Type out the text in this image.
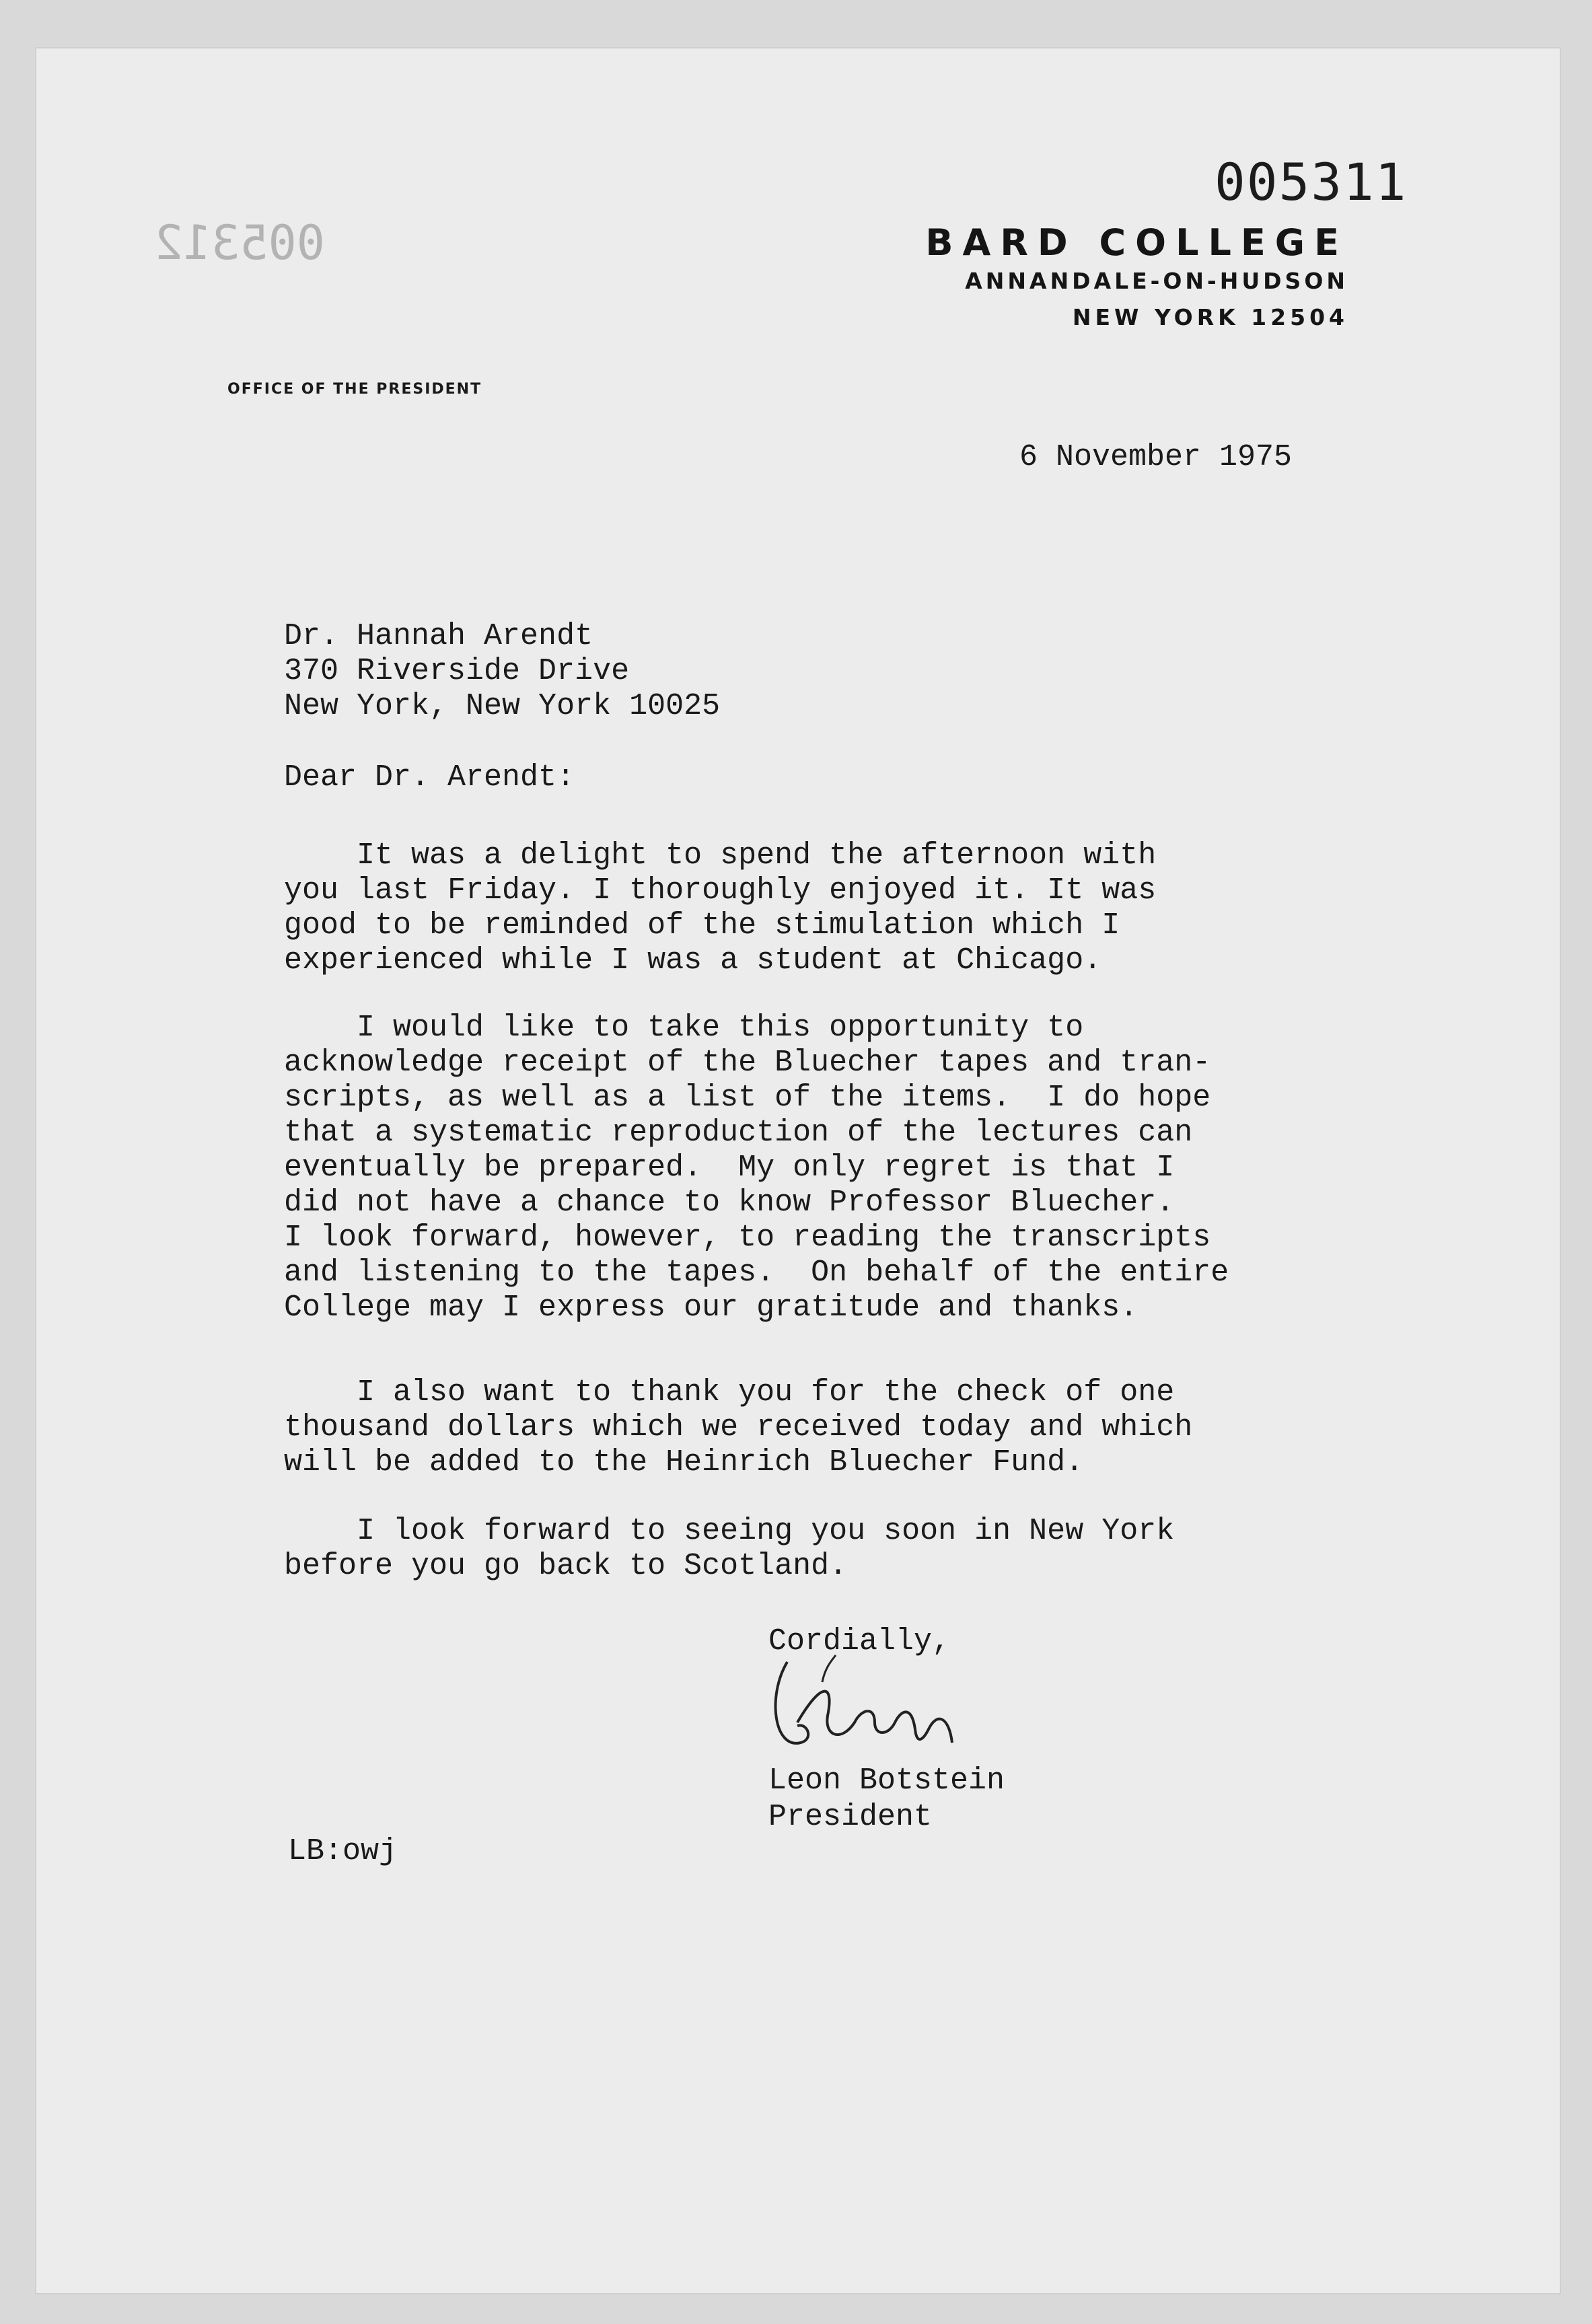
005312
005311
BARD COLLEGE
ANNANDALE-ON-HUDSON
NEW YORK 12504
OFFICE OF THE PRESIDENT
6 November 1975
Dr. Hannah Arendt
370 Riverside Drive
New York, New York 10025
Dear Dr. Arendt:
It was a delight to spend the afternoon with
you last Friday. I thoroughly enjoyed it. It was
good to be reminded of the stimulation which I
experienced while I was a student at Chicago.
I would like to take this opportunity to
acknowledge receipt of the Bluecher tapes and tran-
scripts, as well as a list of the items.  I do hope
that a systematic reproduction of the lectures can
eventually be prepared.  My only regret is that I
did not have a chance to know Professor Bluecher.
I look forward, however, to reading the transcripts
and listening to the tapes.  On behalf of the entire
College may I express our gratitude and thanks.
I also want to thank you for the check of one
thousand dollars which we received today and which
will be added to the Heinrich Bluecher Fund.
I look forward to seeing you soon in New York
before you go back to Scotland.
Cordially,
Leon Botstein
President
LB:owj
